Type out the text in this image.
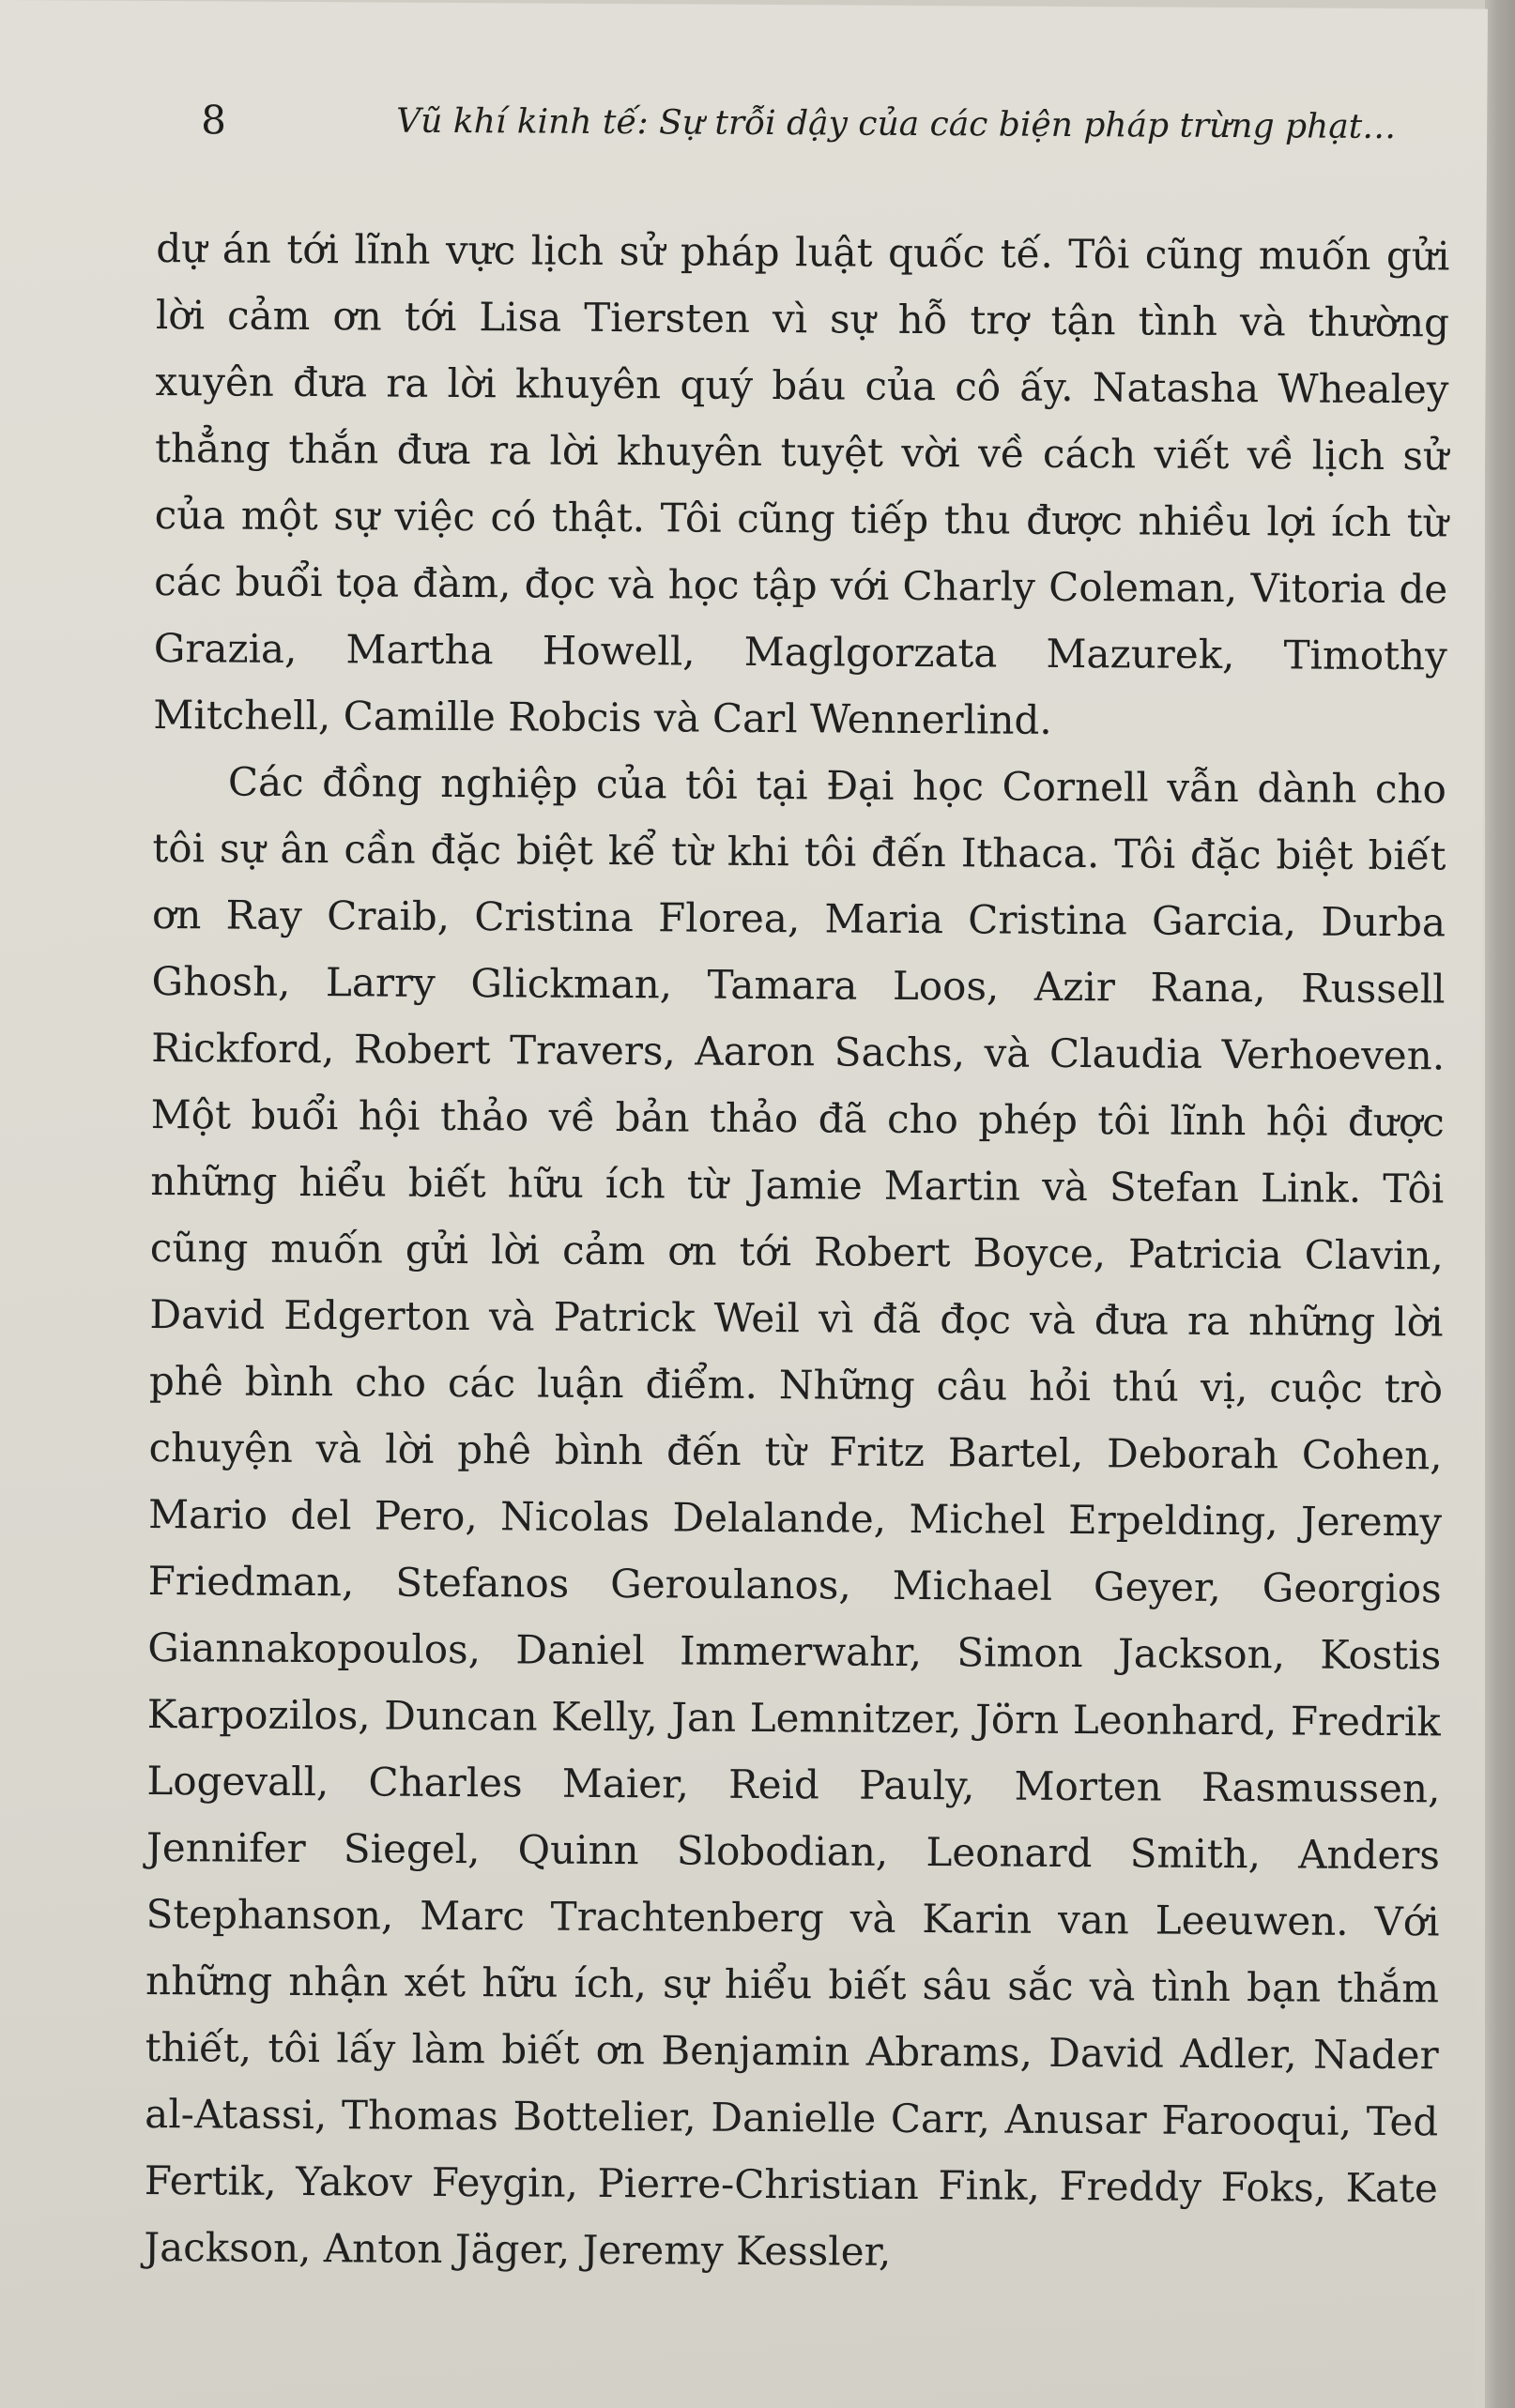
8	Vũ khí kinh tế: Sự trỗi dậy của các biện pháp trừng phạt…

dự án tới lĩnh vực lịch sử pháp luật quốc tế. Tôi cũng muốn gửi lời cảm ơn tới Lisa Tiersten vì sự hỗ trợ tận tình và thường xuyên đưa ra lời khuyên quý báu của cô ấy. Natasha Whealey thẳng thắn đưa ra lời khuyên tuyệt vời về cách viết về lịch sử của một sự việc có thật. Tôi cũng tiếp thu được nhiều lợi ích từ các buổi tọa đàm, đọc và học tập với Charly Coleman, Vitoria de Grazia, Martha Howell, Maglgorzata Mazurek, Timothy Mitchell, Camille Robcis và Carl Wennerlind.

Các đồng nghiệp của tôi tại Đại học Cornell vẫn dành cho tôi sự ân cần đặc biệt kể từ khi tôi đến Ithaca. Tôi đặc biệt biết ơn Ray Craib, Cristina Florea, Maria Cristina Garcia, Durba Ghosh, Larry Glickman, Tamara Loos, Azir Rana, Russell Rickford, Robert Travers, Aaron Sachs, và Claudia Verhoeven. Một buổi hội thảo về bản thảo đã cho phép tôi lĩnh hội được những hiểu biết hữu ích từ Jamie Martin và Stefan Link. Tôi cũng muốn gửi lời cảm ơn tới Robert Boyce, Patricia Clavin, David Edgerton và Patrick Weil vì đã đọc và đưa ra những lời phê bình cho các luận điểm. Những câu hỏi thú vị, cuộc trò chuyện và lời phê bình đến từ Fritz Bartel, Deborah Cohen, Mario del Pero, Nicolas Delalande, Michel Erpelding, Jeremy Friedman, Stefanos Geroulanos, Michael Geyer, Georgios Giannakopoulos, Daniel Immerwahr, Simon Jackson, Kostis Karpozilos, Duncan Kelly, Jan Lemnitzer, Jörn Leonhard, Fredrik Logevall, Charles Maier, Reid Pauly, Morten Rasmussen, Jennifer Siegel, Quinn Slobodian, Leonard Smith, Anders Stephanson, Marc Trachtenberg và Karin van Leeuwen. Với những nhận xét hữu ích, sự hiểu biết sâu sắc và tình bạn thắm thiết, tôi lấy làm biết ơn Benjamin Abrams, David Adler, Nader al-Atassi, Thomas Bottelier, Danielle Carr, Anusar Farooqui, Ted Fertik, Yakov Feygin, Pierre-Christian Fink, Freddy Foks, Kate Jackson, Anton Jäger, Jeremy Kessler,
